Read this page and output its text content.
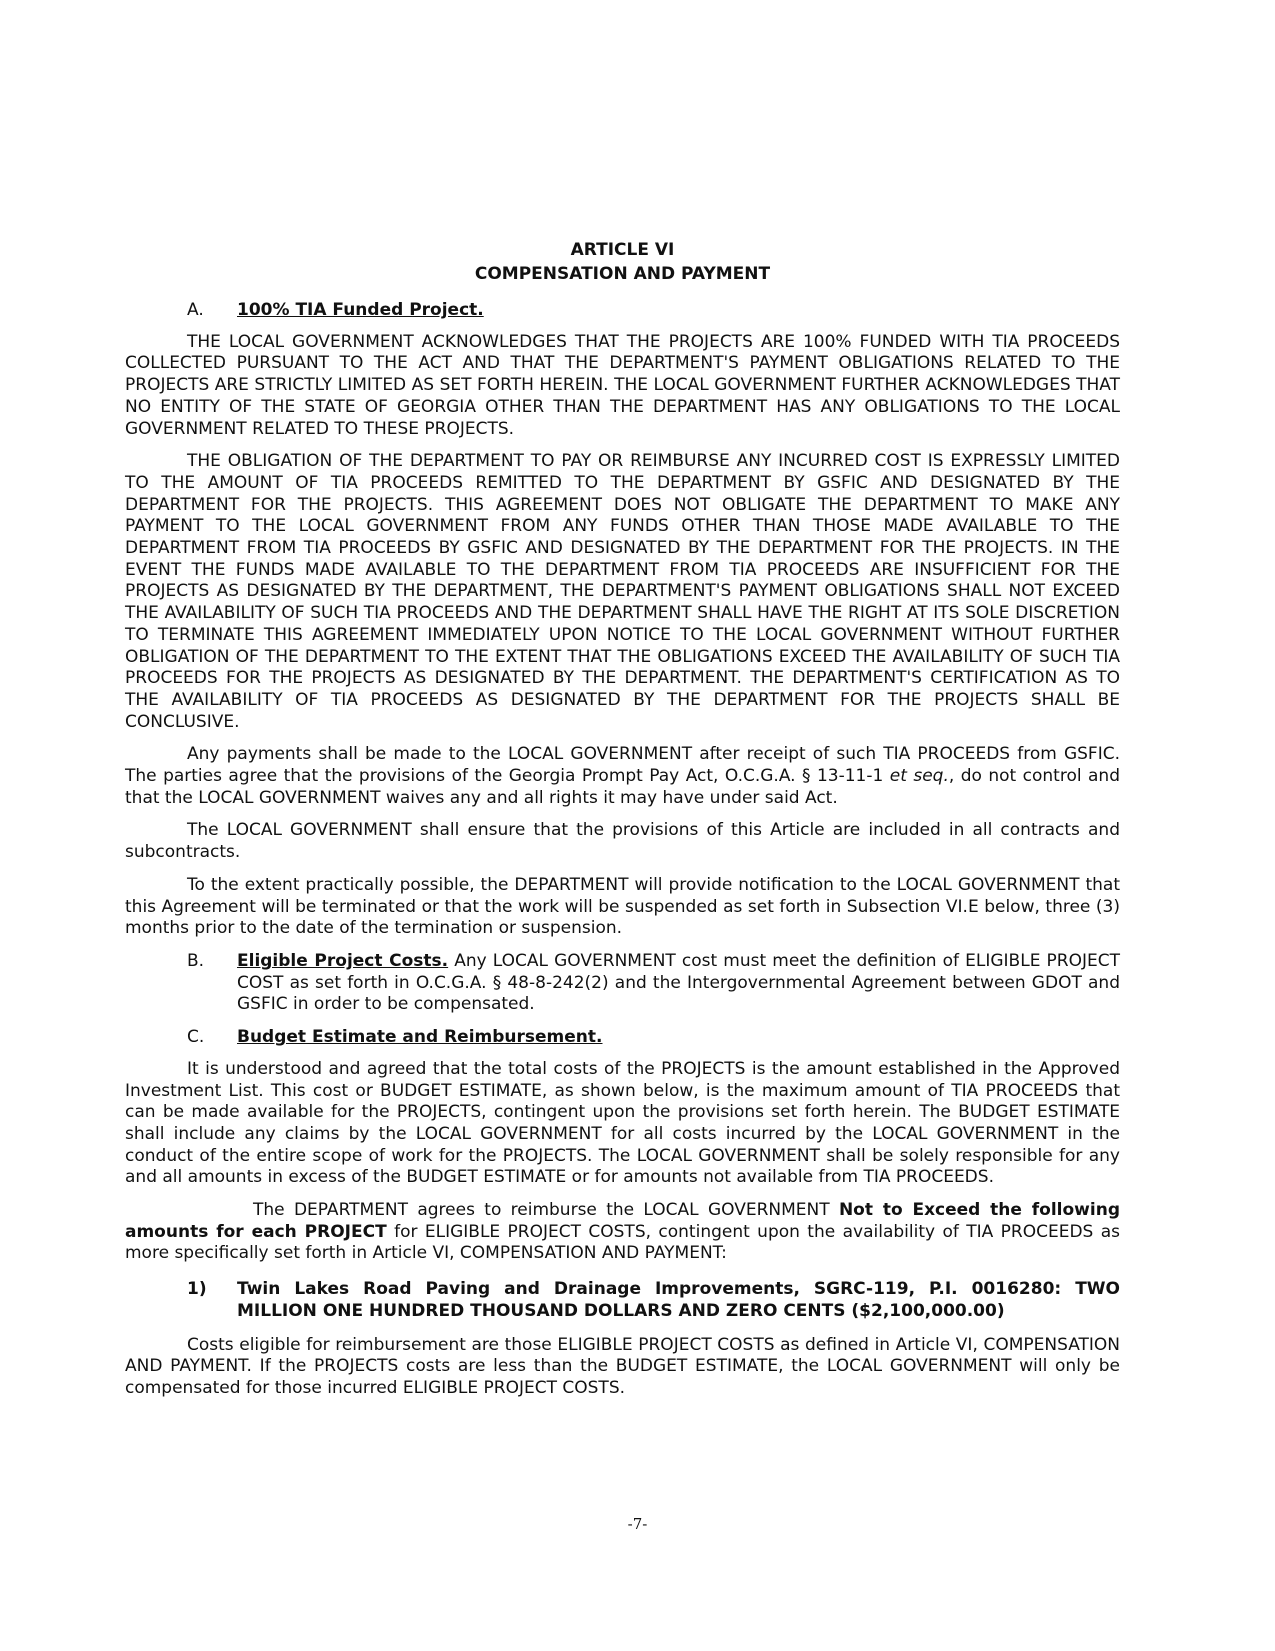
ARTICLE VI

COMPENSATION AND PAYMENT

A.	100% TIA Funded Project.

THE LOCAL GOVERNMENT ACKNOWLEDGES THAT THE PROJECTS ARE 100% FUNDED WITH TIA PROCEEDS COLLECTED PURSUANT TO THE ACT AND THAT THE DEPARTMENT'S PAYMENT OBLIGATIONS RELATED TO THE PROJECTS ARE STRICTLY LIMITED AS SET FORTH HEREIN. THE LOCAL GOVERNMENT FURTHER ACKNOWLEDGES THAT NO ENTITY OF THE STATE OF GEORGIA OTHER THAN THE DEPARTMENT HAS ANY OBLIGATIONS TO THE LOCAL GOVERNMENT RELATED TO THESE PROJECTS.

THE OBLIGATION OF THE DEPARTMENT TO PAY OR REIMBURSE ANY INCURRED COST IS EXPRESSLY LIMITED TO THE AMOUNT OF TIA PROCEEDS REMITTED TO THE DEPARTMENT BY GSFIC AND DESIGNATED BY THE DEPARTMENT FOR THE PROJECTS. THIS AGREEMENT DOES NOT OBLIGATE THE DEPARTMENT TO MAKE ANY PAYMENT TO THE LOCAL GOVERNMENT FROM ANY FUNDS OTHER THAN THOSE MADE AVAILABLE TO THE DEPARTMENT FROM TIA PROCEEDS BY GSFIC AND DESIGNATED BY THE DEPARTMENT FOR THE PROJECTS. IN THE EVENT THE FUNDS MADE AVAILABLE TO THE DEPARTMENT FROM TIA PROCEEDS ARE INSUFFICIENT FOR THE PROJECTS AS DESIGNATED BY THE DEPARTMENT, THE DEPARTMENT'S PAYMENT OBLIGATIONS SHALL NOT EXCEED THE AVAILABILITY OF SUCH TIA PROCEEDS AND THE DEPARTMENT SHALL HAVE THE RIGHT AT ITS SOLE DISCRETION TO TERMINATE THIS AGREEMENT IMMEDIATELY UPON NOTICE TO THE LOCAL GOVERNMENT WITHOUT FURTHER OBLIGATION OF THE DEPARTMENT TO THE EXTENT THAT THE OBLIGATIONS EXCEED THE AVAILABILITY OF SUCH TIA PROCEEDS FOR THE PROJECTS AS DESIGNATED BY THE DEPARTMENT. THE DEPARTMENT'S CERTIFICATION AS TO THE AVAILABILITY OF TIA PROCEEDS AS DESIGNATED BY THE DEPARTMENT FOR THE PROJECTS SHALL BE CONCLUSIVE.

Any payments shall be made to the LOCAL GOVERNMENT after receipt of such TIA PROCEEDS from GSFIC. The parties agree that the provisions of the Georgia Prompt Pay Act, O.C.G.A. § 13-11-1 et seq., do not control and that the LOCAL GOVERNMENT waives any and all rights it may have under said Act.

The LOCAL GOVERNMENT shall ensure that the provisions of this Article are included in all contracts and subcontracts.

To the extent practically possible, the DEPARTMENT will provide notification to the LOCAL GOVERNMENT that this Agreement will be terminated or that the work will be suspended as set forth in Subsection VI.E below, three (3) months prior to the date of the termination or suspension.

B.	Eligible Project Costs. Any LOCAL GOVERNMENT cost must meet the definition of ELIGIBLE PROJECT COST as set forth in O.C.G.A. § 48-8-242(2) and the Intergovernmental Agreement between GDOT and GSFIC in order to be compensated.
C.	Budget Estimate and Reimbursement.

It is understood and agreed that the total costs of the PROJECTS is the amount established in the Approved Investment List. This cost or BUDGET ESTIMATE, as shown below, is the maximum amount of TIA PROCEEDS that can be made available for the PROJECTS, contingent upon the provisions set forth herein. The BUDGET ESTIMATE shall include any claims by the LOCAL GOVERNMENT for all costs incurred by the LOCAL GOVERNMENT in the conduct of the entire scope of work for the PROJECTS. The LOCAL GOVERNMENT shall be solely responsible for any and all amounts in excess of the BUDGET ESTIMATE or for amounts not available from TIA PROCEEDS.

The DEPARTMENT agrees to reimburse the LOCAL GOVERNMENT Not to Exceed the following amounts for each PROJECT for ELIGIBLE PROJECT COSTS, contingent upon the availability of TIA PROCEEDS as more specifically set forth in Article VI, COMPENSATION AND PAYMENT:

1)	Twin Lakes Road Paving and Drainage Improvements, SGRC-119, P.I. 0016280: TWO MILLION ONE HUNDRED THOUSAND DOLLARS AND ZERO CENTS ($2,100,000.00)

Costs eligible for reimbursement are those ELIGIBLE PROJECT COSTS as defined in Article VI, COMPENSATION AND PAYMENT. If the PROJECTS costs are less than the BUDGET ESTIMATE, the LOCAL GOVERNMENT will only be compensated for those incurred ELIGIBLE PROJECT COSTS.

-7-
